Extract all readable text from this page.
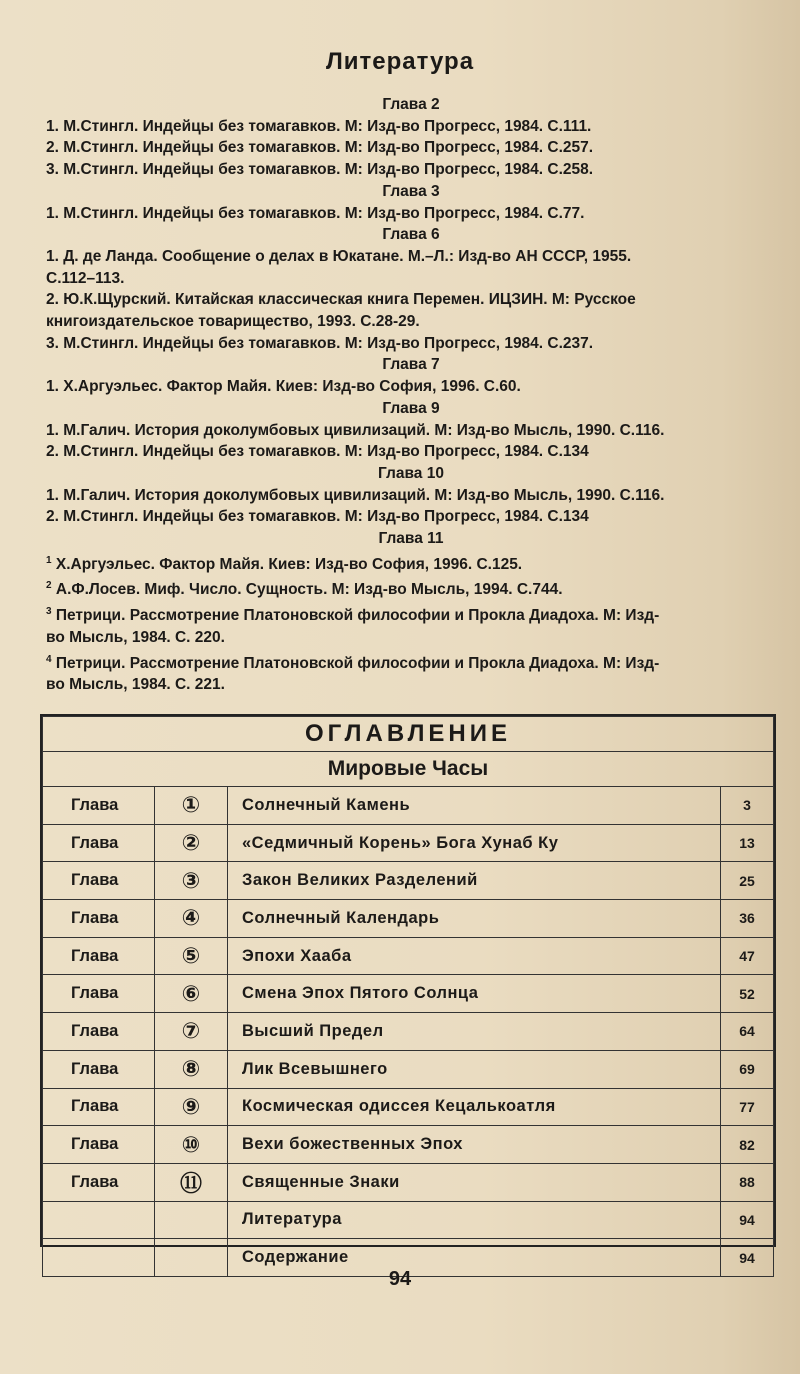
Литература
Глава 2
1. М.Стингл. Индейцы без томагавков. М: Изд-во Прогресс, 1984. С.111.
2. М.Стингл. Индейцы без томагавков. М: Изд-во Прогресс, 1984. С.257.
3. М.Стингл. Индейцы без томагавков. М: Изд-во Прогресс, 1984. С.258.
Глава 3
1. М.Стингл. Индейцы без томагавков. М: Изд-во Прогресс, 1984. С.77.
Глава 6
1. Д. де Ланда. Сообщение о делах в Юкатане. М.–Л.: Изд-во АН СССР, 1955.
С.112–113.
2. Ю.К.Щурский. Китайская классическая книга Перемен. ИЦЗИН. М: Русское
книгоиздательское товарищество, 1993. С.28-29.
3. М.Стингл. Индейцы без томагавков. М: Изд-во Прогресс, 1984. С.237.
Глава 7
1. Х.Аргуэльес. Фактор Майя. Киев: Изд-во София, 1996. С.60.
Глава 9
1. М.Галич. История доколумбовых цивилизаций. М: Изд-во Мысль, 1990. С.116.
2. М.Стингл. Индейцы без томагавков. М: Изд-во Прогресс, 1984. С.134
Глава 10
1. М.Галич. История доколумбовых цивилизаций. М: Изд-во Мысль, 1990. С.116.
2. М.Стингл. Индейцы без томагавков. М: Изд-во Прогресс, 1984. С.134
Глава 11
$^1$ Х.Аргуэльес. Фактор Майя. Киев: Изд-во София, 1996. С.125.
$^2$ А.Ф.Лосев. Миф. Число. Сущность. М: Изд-во Мысль, 1994. С.744.
$^3$ Петрици. Рассмотрение Платоновской философии и Прокла Диадоха. М: Изд-
во Мысль, 1984. С. 220.
$^4$ Петрици. Рассмотрение Платоновской философии и Прокла Диадоха. М: Изд-
во Мысль, 1984. С. 221.
ОГЛАВЛЕНИЕ			
Мировые Часы			
Глава	①	Солнечный Камень	3
Глава	②	«Седмичный Корень» Бога Хунаб Ку	13
Глава	③	Закон Великих Разделений	25
Глава	④	Солнечный Календарь	36
Глава	⑤	Эпохи Хааба	47
Глава	⑥	Смена Эпох Пятого Солнца	52
Глава	⑦	Высший Предел	64
Глава	⑧	Лик Всевышнего	69
Глава	⑨	Космическая одиссея Кецалькоатля	77
Глава	⑩	Вехи божественных Эпох	82
Глава	⑪	Священные Знаки	88
		Литература	94
		Содержание	94
94
